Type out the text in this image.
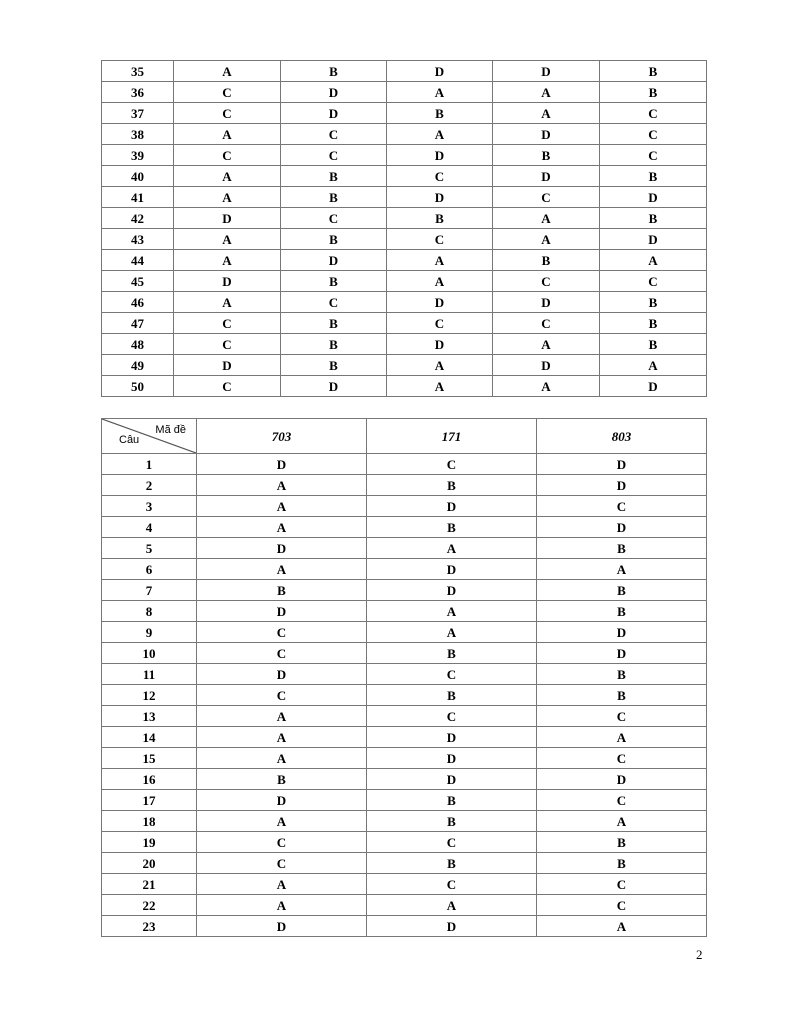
35	A	B	D	D	B
36	C	D	A	A	B
37	C	D	B	A	C
38	A	C	A	D	C
39	C	C	D	B	C
40	A	B	C	D	B
41	A	B	D	C	D
42	D	C	B	A	B
43	A	B	C	A	D
44	A	D	A	B	A
45	D	B	A	C	C
46	A	C	D	D	B
47	C	B	C	C	B
48	C	B	D	A	B
49	D	B	A	D	A
50	C	D	A	A	D
Mã đề
Câu	703	171	803
1	D	C	D
2	A	B	D
3	A	D	C
4	A	B	D
5	D	A	B
6	A	D	A
7	B	D	B
8	D	A	B
9	C	A	D
10	C	B	D
11	D	C	B
12	C	B	B
13	A	C	C
14	A	D	A
15	A	D	C
16	B	D	D
17	D	B	C
18	A	B	A
19	C	C	B
20	C	B	B
21	A	C	C
22	A	A	C
23	D	D	A
2
